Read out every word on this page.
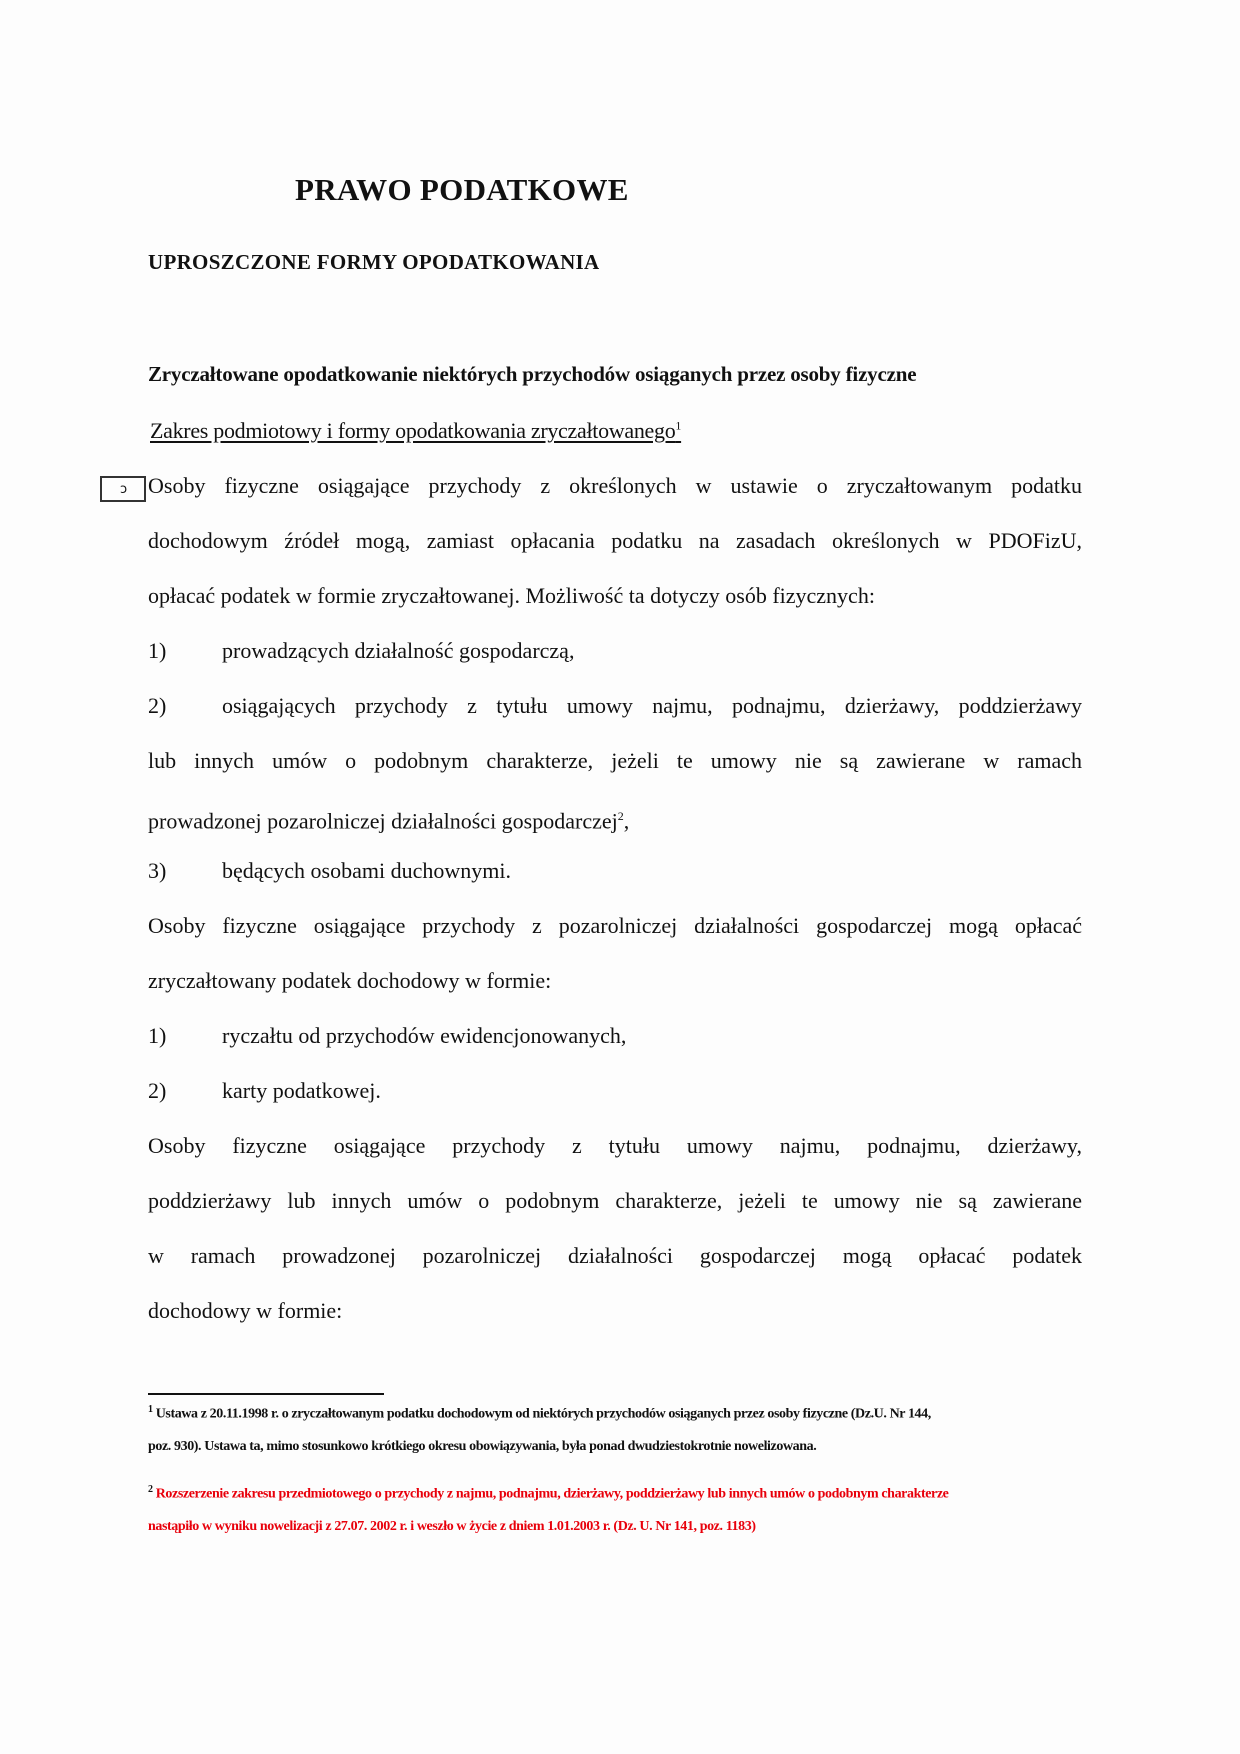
PRAWO PODATKOWE
UPROSZCZONE FORMY OPODATKOWANIA
Zryczałtowane opodatkowanie niektórych przychodów osiąganych przez osoby fizyczne
Zakres podmiotowy i formy opodatkowania zryczałtowanego$^1$
ɔ Osoby fizyczne osiągające przychody z określonych w ustawie o zryczałtowanym podatku
dochodowym źródeł mogą, zamiast opłacania podatku na zasadach określonych w PDOFizU,
opłacać podatek w formie zryczałtowanej. Możliwość ta dotyczy osób fizycznych:
1)	prowadzących działalność gospodarczą,
2)	osiągających przychody z tytułu umowy najmu, podnajmu, dzierżawy, poddzierżawy
lub innych umów o podobnym charakterze, jeżeli te umowy nie są zawierane w ramach
prowadzonej pozarolniczej działalności gospodarczej$^2$,
3)	będących osobami duchownymi.
Osoby fizyczne osiągające przychody z pozarolniczej działalności gospodarczej mogą opłacać
zryczałtowany podatek dochodowy w formie:
1)	ryczałtu od przychodów ewidencjonowanych,
2)	karty podatkowej.
Osoby fizyczne osiągające przychody z tytułu umowy najmu, podnajmu, dzierżawy,
poddzierżawy lub innych umów o podobnym charakterze, jeżeli te umowy nie są zawierane
w ramach prowadzonej pozarolniczej działalności gospodarczej mogą opłacać podatek
dochodowy w formie:
$^1$ Ustawa z 20.11.1998 r. o zryczałtowanym podatku dochodowym od niektórych przychodów osiąganych przez osoby fizyczne (Dz.U. Nr 144,
poz. 930). Ustawa ta, mimo stosunkowo krótkiego okresu obowiązywania, była ponad dwudziestokrotnie nowelizowana.
$^2$ Rozszerzenie zakresu przedmiotowego o przychody z najmu, podnajmu, dzierżawy, poddzierżawy lub innych umów o podobnym charakterze
nastąpiło w wyniku nowelizacji z 27.07. 2002 r. i weszło w życie z dniem 1.01.2003 r. (Dz. U. Nr 141, poz. 1183)
